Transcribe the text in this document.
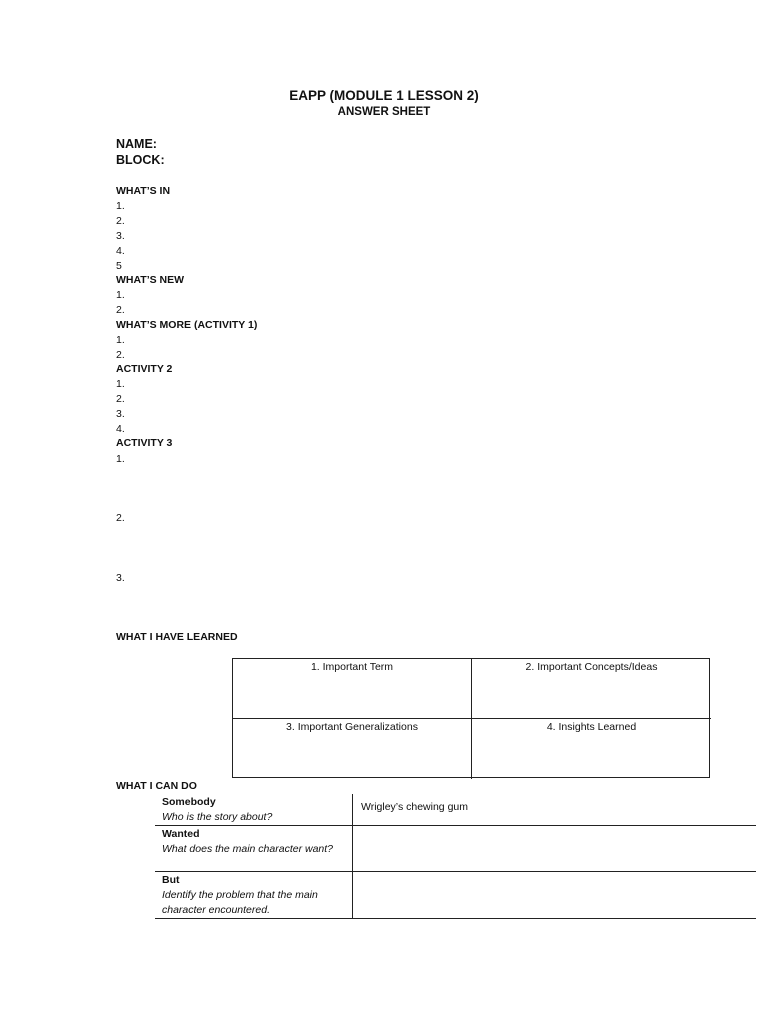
EAPP (MODULE 1 LESSON 2)
ANSWER SHEET
NAME:
BLOCK:
WHAT’S IN
1.
2.
3.
4.
5
WHAT’S NEW
1.
2.
WHAT’S MORE (ACTIVITY 1)
1.
2.
ACTIVITY 2
1.
2.
3.
4.
ACTIVITY 3
1.
2.
3.
WHAT I HAVE LEARNED
1. Important Term	2. Important Concepts/Ideas
3. Important Generalizations	4. Insights Learned
WHAT I CAN DO
Somebody
Who is the story about?
Wrigley’s chewing gum
Wanted
What does the main character want?
But
Identify the problem that the main character encountered.
